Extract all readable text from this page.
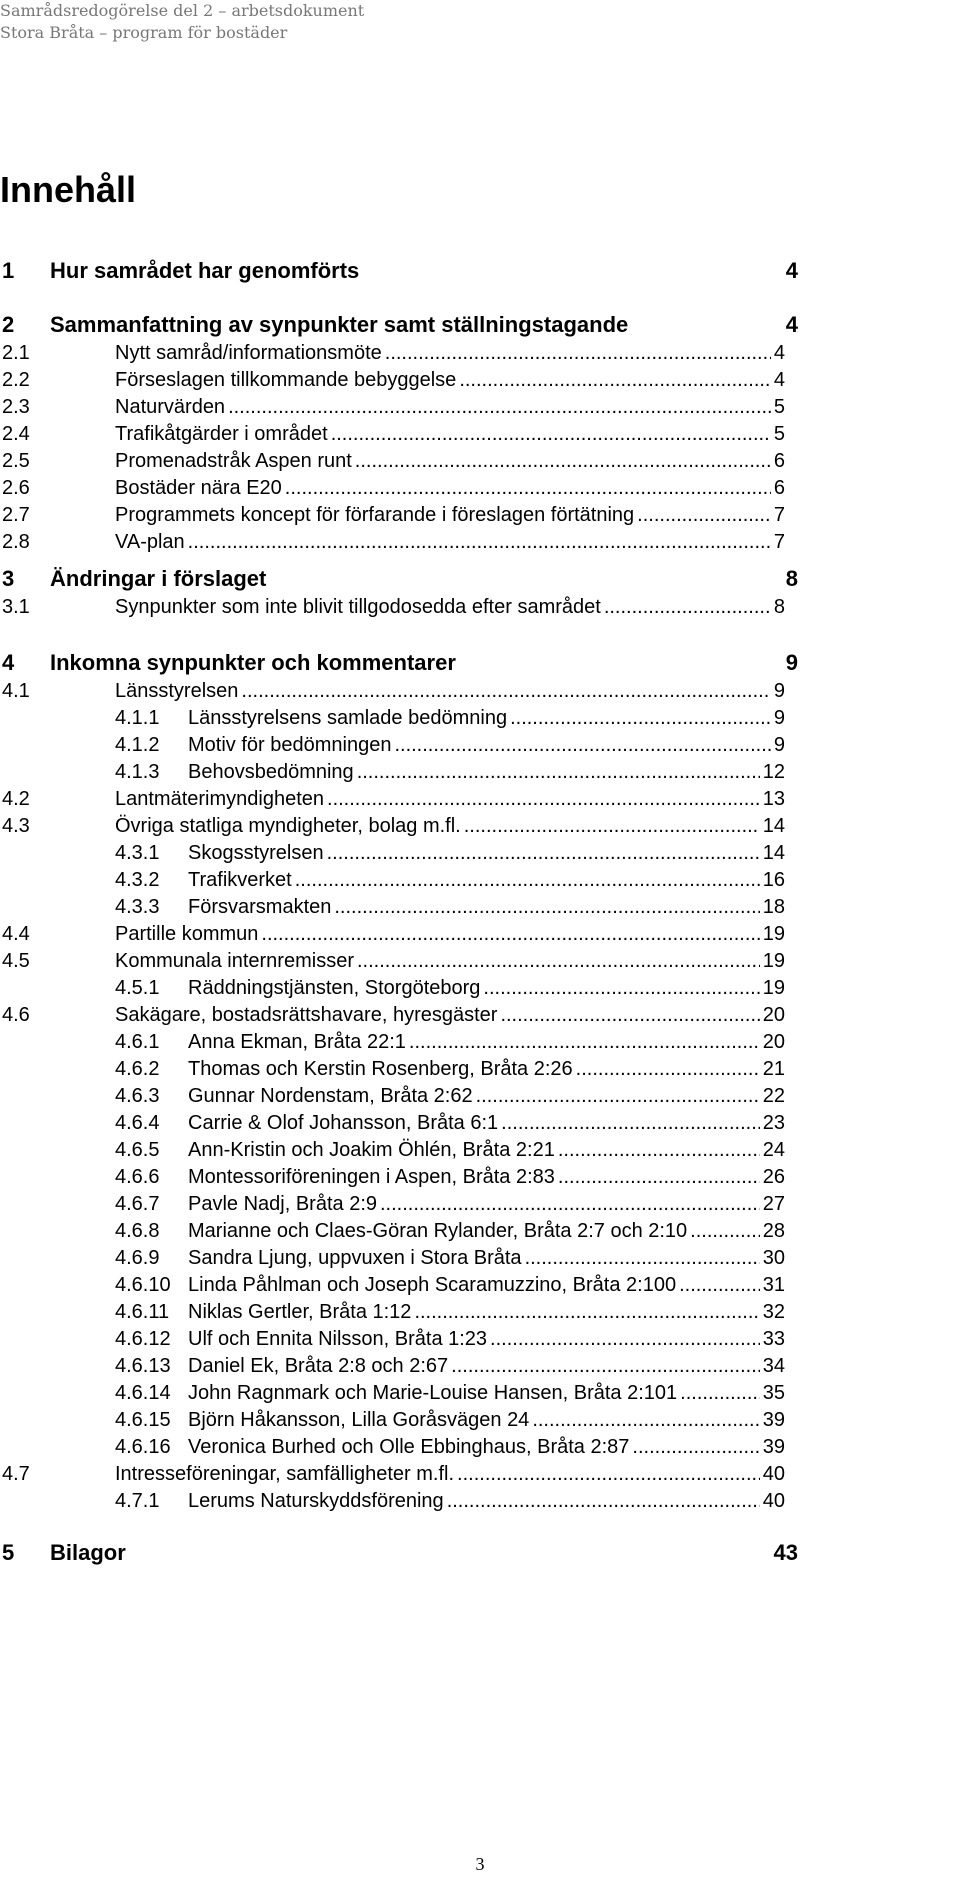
Samrådsredogörelse del 2 – arbetsdokument
Stora Bråta – program för bostäder
Innehåll
1	Hur samrådet har genomförts	4
2	Sammanfattning av synpunkter samt ställningstagande	4
2.1	Nytt samråd/informationsmöte .....	4
2.2	Förseslagen tillkommande bebyggelse .....	4
2.3	Naturvärden .....	5
2.4	Trafikåtgärder i området .....	5
2.5	Promenadstråk Aspen runt .....	6
2.6	Bostäder nära E20 .....	6
2.7	Programmets koncept för förfarande i föreslagen förtätning .....	7
2.8	VA-plan .....	7
3	Ändringar i förslaget	8
3.1	Synpunkter som inte blivit tillgodosedda efter samrådet .....	8
4	Inkomna synpunkter och kommentarer	9
4.1	Länsstyrelsen .....	9
4.1.1	Länsstyrelsens samlade bedömning .....	9
4.1.2	Motiv för bedömningen .....	9
4.1.3	Behovsbedömning .....	12
4.2	Lantmäterimyndigheten .....	13
4.3	Övriga statliga myndigheter, bolag m.fl. .....	14
4.3.1	Skogsstyrelsen .....	14
4.3.2	Trafikverket .....	16
4.3.3	Försvarsmakten .....	18
4.4	Partille kommun .....	19
4.5	Kommunala internremisser .....	19
4.5.1	Räddningstjänsten, Storgöteborg .....	19
4.6	Sakägare, bostadsrättshavare, hyresgäster .....	20
4.6.1	Anna Ekman, Bråta 22:1 .....	20
4.6.2	Thomas och Kerstin Rosenberg, Bråta 2:26 .....	21
4.6.3	Gunnar Nordenstam, Bråta 2:62 .....	22
4.6.4	Carrie & Olof Johansson, Bråta 6:1 .....	23
4.6.5	Ann-Kristin och Joakim Öhlén, Bråta 2:21 .....	24
4.6.6	Montessoriföreningen i Aspen, Bråta 2:83 .....	26
4.6.7	Pavle Nadj, Bråta 2:9 .....	27
4.6.8	Marianne och Claes-Göran Rylander, Bråta 2:7 och 2:10 .....	28
4.6.9	Sandra Ljung, uppvuxen i Stora Bråta .....	30
4.6.10 Linda Påhlman och Joseph Scaramuzzino, Bråta 2:100 .....	31
4.6.11 Niklas Gertler, Bråta 1:12 .....	32
4.6.12 Ulf och Ennita Nilsson, Bråta 1:23 .....	33
4.6.13 Daniel Ek, Bråta 2:8 och 2:67 .....	34
4.6.14 John Ragnmark och Marie-Louise Hansen, Bråta 2:101 .....	35
4.6.15 Björn Håkansson, Lilla Goråsvägen 24 .....	39
4.6.16 Veronica Burhed och Olle Ebbinghaus, Bråta 2:87 .....	39
4.7	Intresseföreningar, samfälligheter m.fl. .....	40
4.7.1	Lerums Naturskyddsförening .....	40
5	Bilagor	43
3
